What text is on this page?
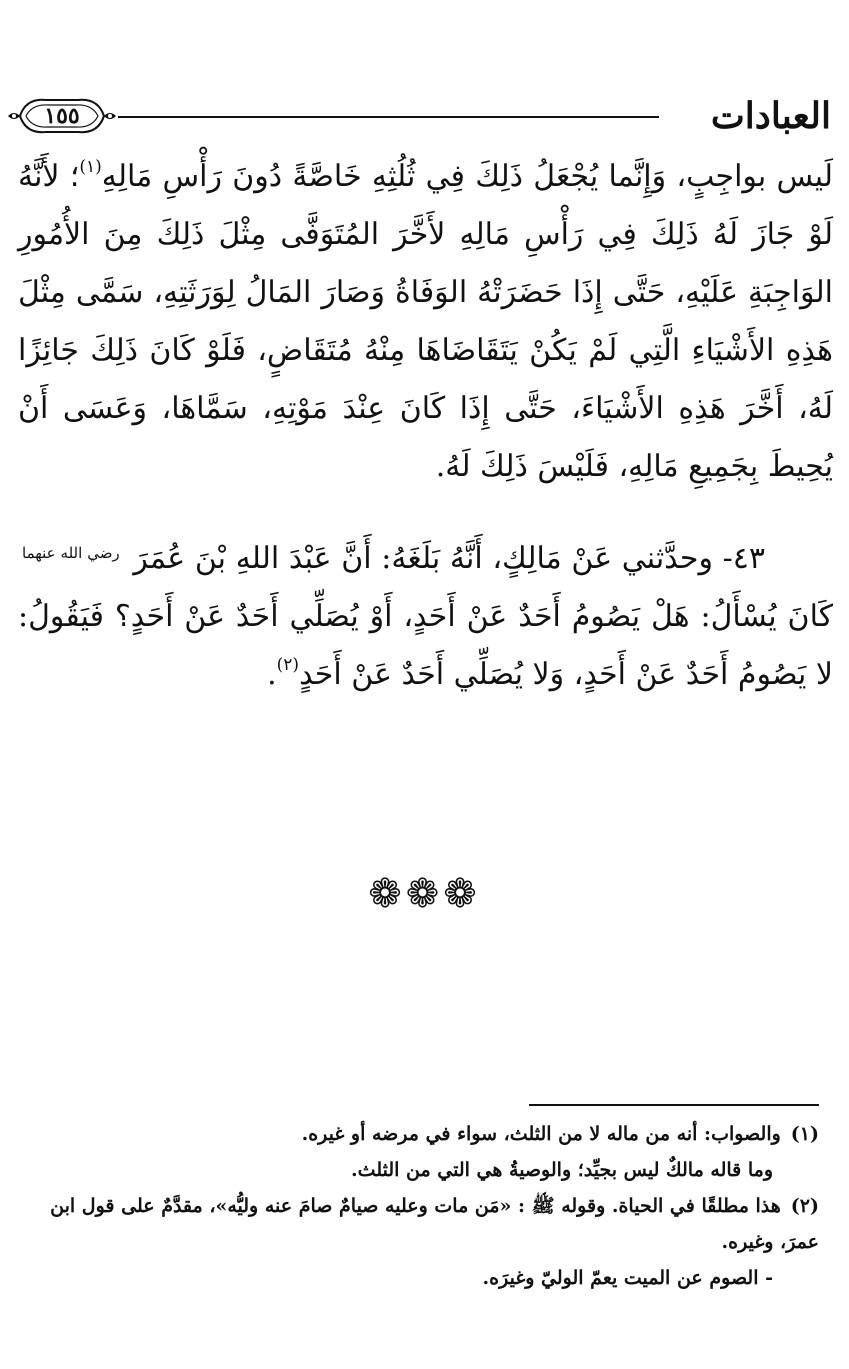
العبادات
١٥٥

لَيس بواجِبٍ، وَإِنَّما يُجْعَلُ ذَلِكَ فِي ثُلُثِهِ خَاصَّةً دُونَ رَأْسِ مَالِهِ$^{(١)}$؛ لأَنَّهُ لَوْ جَازَ لَهُ ذَلِكَ فِي رَأْسِ مَالِهِ لأَخَّرَ المُتَوَفَّى مِثْلَ ذَلِكَ مِنَ الأُمُورِ الوَاجِبَةِ عَلَيْهِ، حَتَّى إِذَا حَضَرَتْهُ الوَفَاةُ وَصَارَ المَالُ لِوَرَثَتِهِ، سَمَّى مِثْلَ هَذِهِ الأَشْيَاءِ الَّتِي لَمْ يَكُنْ يَتَقَاضَاهَا مِنْهُ مُتَقَاضٍ، فَلَوْ كَانَ ذَلِكَ جَائِزًا لَهُ، أَخَّرَ هَذِهِ الأَشْيَاءَ، حَتَّى إِذَا كَانَ عِنْدَ مَوْتِهِ، سَمَّاهَا، وَعَسَى أَنْ يُحِيطَ بِجَمِيعِ مَالِهِ، فَلَيْسَ ذَلِكَ لَهُ.

٤٣- وحدَّثني عَنْ مَالِكٍ، أَنَّهُ بَلَغَهُ: أَنَّ عَبْدَ اللهِ بْنَ عُمَرَ $^{رضي الله عنهما}$ كَانَ يُسْأَلُ: هَلْ يَصُومُ أَحَدٌ عَنْ أَحَدٍ، أَوْ يُصَلِّي أَحَدٌ عَنْ أَحَدٍ؟ فَيَقُولُ: لا يَصُومُ أَحَدٌ عَنْ أَحَدٍ، وَلا يُصَلِّي أَحَدٌ عَنْ أَحَدٍ$^{(٢)}$.

❁❁❁

(١)والصواب: أنه من ماله لا من الثلث، سواء في مرضه أو غيره.

وما قاله مالكٌ ليس بجيِّد؛ والوصيةُ هي التي من الثلث.

(٢)هذا مطلقًا في الحياة. وقوله ﷺ : «مَن مات وعليه صيامٌ صامَ عنه وليُّه»، مقدَّمٌ على قول ابن عمرَ، وغيره.

- الصوم عن الميت يعمّ الوليّ وغيرَه.
